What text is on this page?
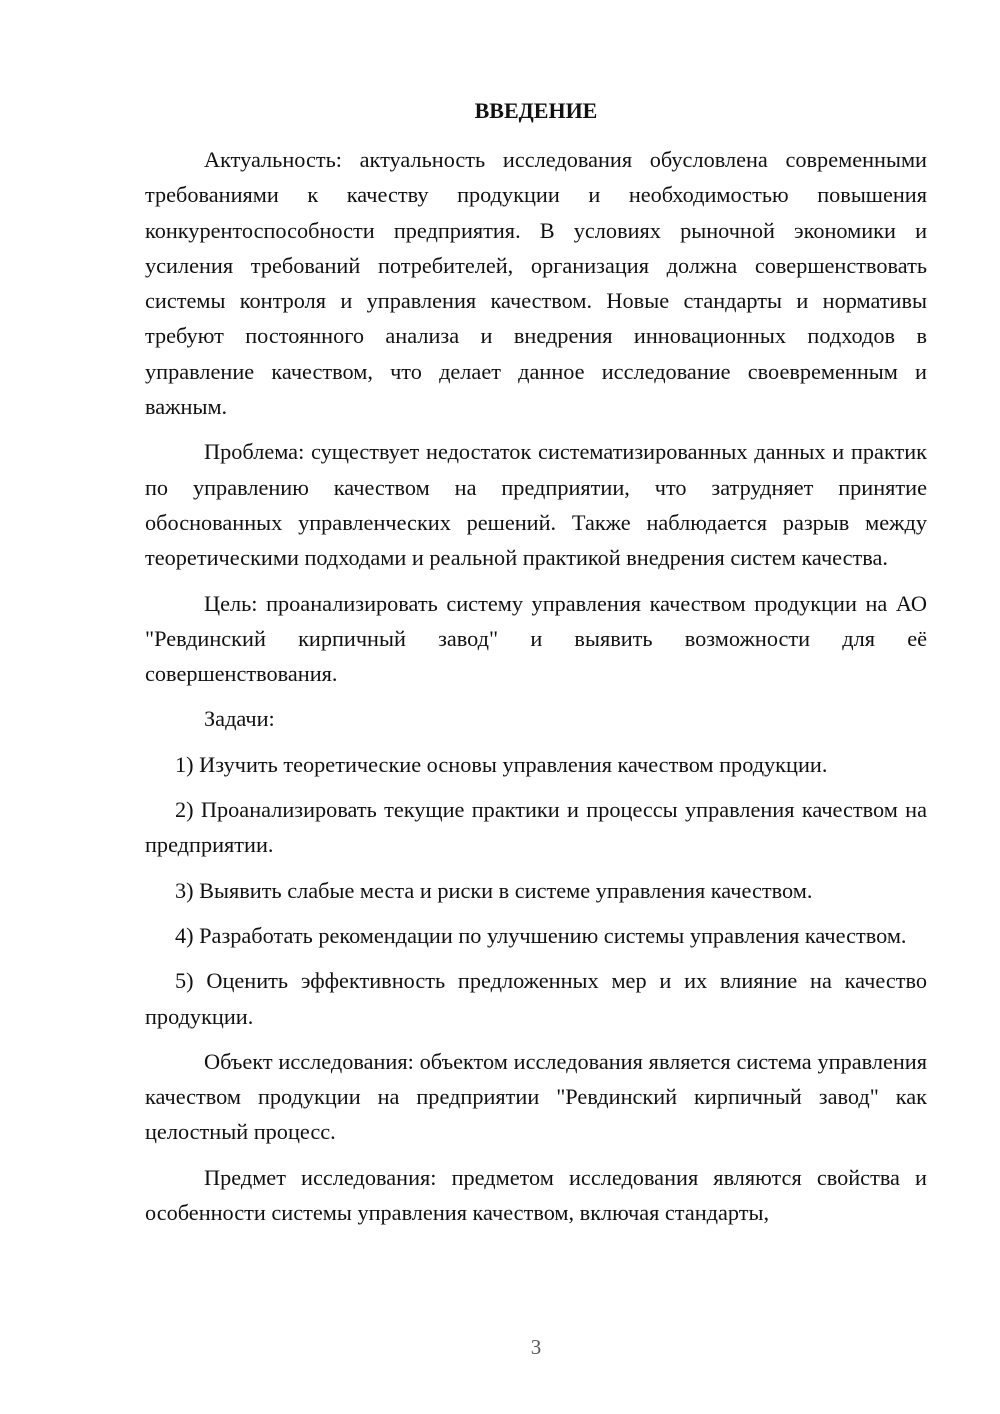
ВВЕДЕНИЕ

Актуальность: актуальность исследования обусловлена современными требованиями к качеству продукции и необходимостью повышения конкурентоспособности предприятия. В условиях рыночной экономики и усиления требований потребителей, организация должна совершенствовать системы контроля и управления качеством. Новые стандарты и нормативы требуют постоянного анализа и внедрения инновационных подходов в управление качеством, что делает данное исследование своевременным и важным.

Проблема: существует недостаток систематизированных данных и практик по управлению качеством на предприятии, что затрудняет принятие обоснованных управленческих решений. Также наблюдается разрыв между теоретическими подходами и реальной практикой внедрения систем качества.

Цель: проанализировать систему управления качеством продукции на АО "Ревдинский кирпичный завод" и выявить возможности для её совершенствования.

Задачи:

1) Изучить теоретические основы управления качеством продукции.

2) Проанализировать текущие практики и процессы управления качеством на предприятии.

3) Выявить слабые места и риски в системе управления качеством.

4) Разработать рекомендации по улучшению системы управления качеством.

5) Оценить эффективность предложенных мер и их влияние на качество продукции.

Объект исследования: объектом исследования является система управления качеством продукции на предприятии "Ревдинский кирпичный завод" как целостный процесс.

Предмет исследования: предметом исследования являются свойства и особенности системы управления качеством, включая стандарты,

3
